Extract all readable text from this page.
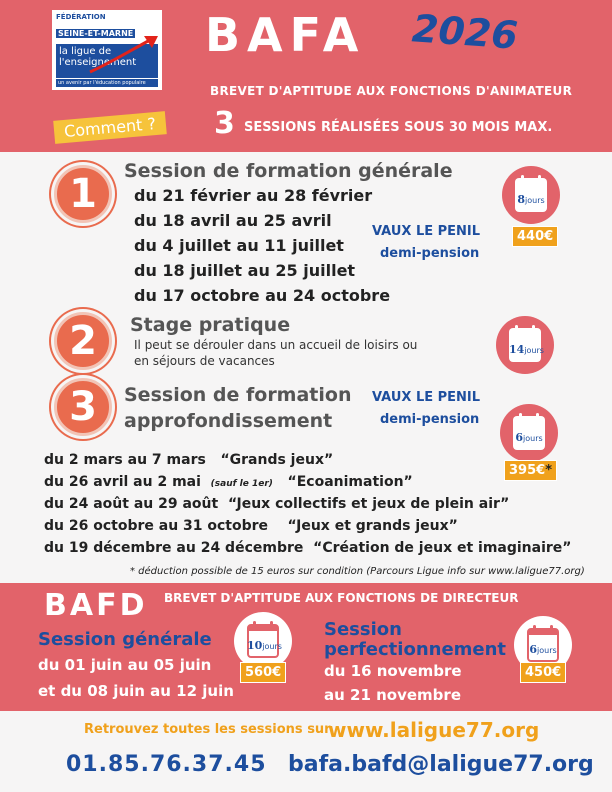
FÉDÉRATION
SEINE-ET-MARNE
la ligue de l'enseignement
un avenir par l'éducation populaire
BAFA 2026
BREVET D'APTITUDE AUX FONCTIONS D'ANIMATEUR
Comment ?	3 SESSIONS RÉALISÉES SOUS 30 MOIS MAX.
1	Session de formation générale
du 21 février au 28 février
du 18 avril au 25 avril
du 4 juillet au 11 juillet
du 18 juillet au 25 juillet
du 17 octobre au 24 octobre
VAUX LE PENIL
demi-pension
8jours
440€
2	Stage pratique
Il peut se dérouler dans un accueil de loisirs ou
en séjours de vacances
14jours
3	Session de formation
approfondissement
VAUX LE PENIL
demi-pension
6jours
395€*
du 2 mars au 7 mars “Grands jeux”
du 26 avril au 2 mai (sauf le 1er) “Ecoanimation”
du 24 août au 29 août “Jeux collectifs et jeux de plein air”
du 26 octobre au 31 octobre “Jeux et grands jeux”
du 19 décembre au 24 décembre “Création de jeux et imaginaire”
* déduction possible de 15 euros sur condition (Parcours Ligue info sur www.laligue77.org)
BAFD BREVET D'APTITUDE AUX FONCTIONS DE DIRECTEUR
Session générale
du 01 juin au 05 juin
et du 08 juin au 12 juin
10jours
560€
Session
perfectionnement
du 16 novembre
au 21 novembre
6jours
450€
Retrouvez toutes les sessions sur
www.laligue77.org
01.85.76.37.45 bafa.bafd@laligue77.org
